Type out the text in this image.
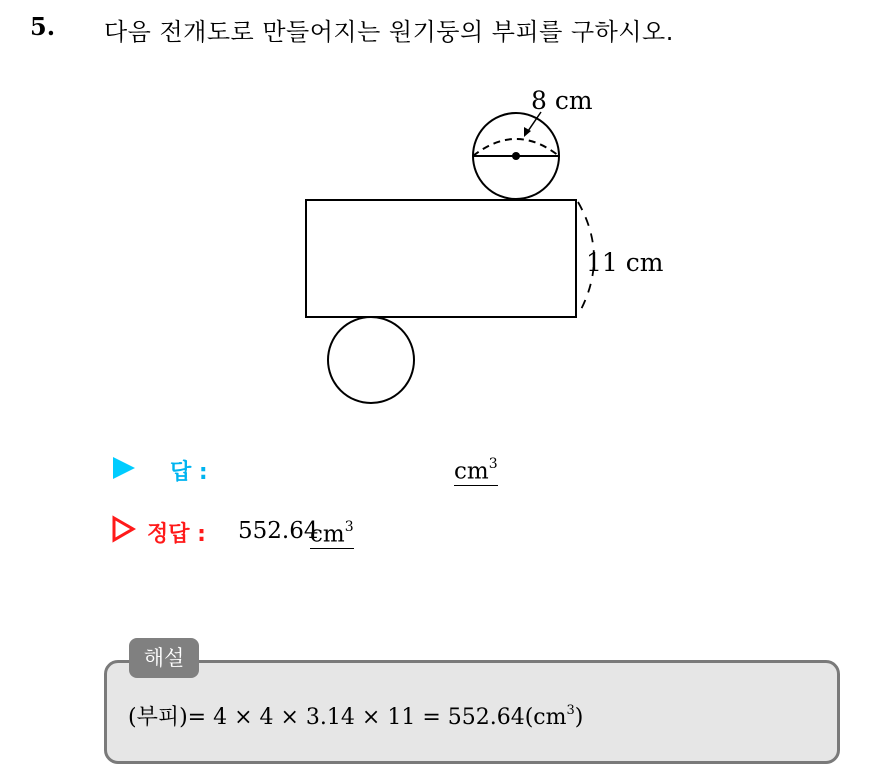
5. 다음 전개도로 만들어지는 원기둥의 부피를 구하시오.
8 cm
11 cm
답 :	$cm^3$
정답 : 552.64
$cm^3$
해설
(부피)= $4 \times 4 \times 3.14 \times 11 = 552.64(cm^3)$
